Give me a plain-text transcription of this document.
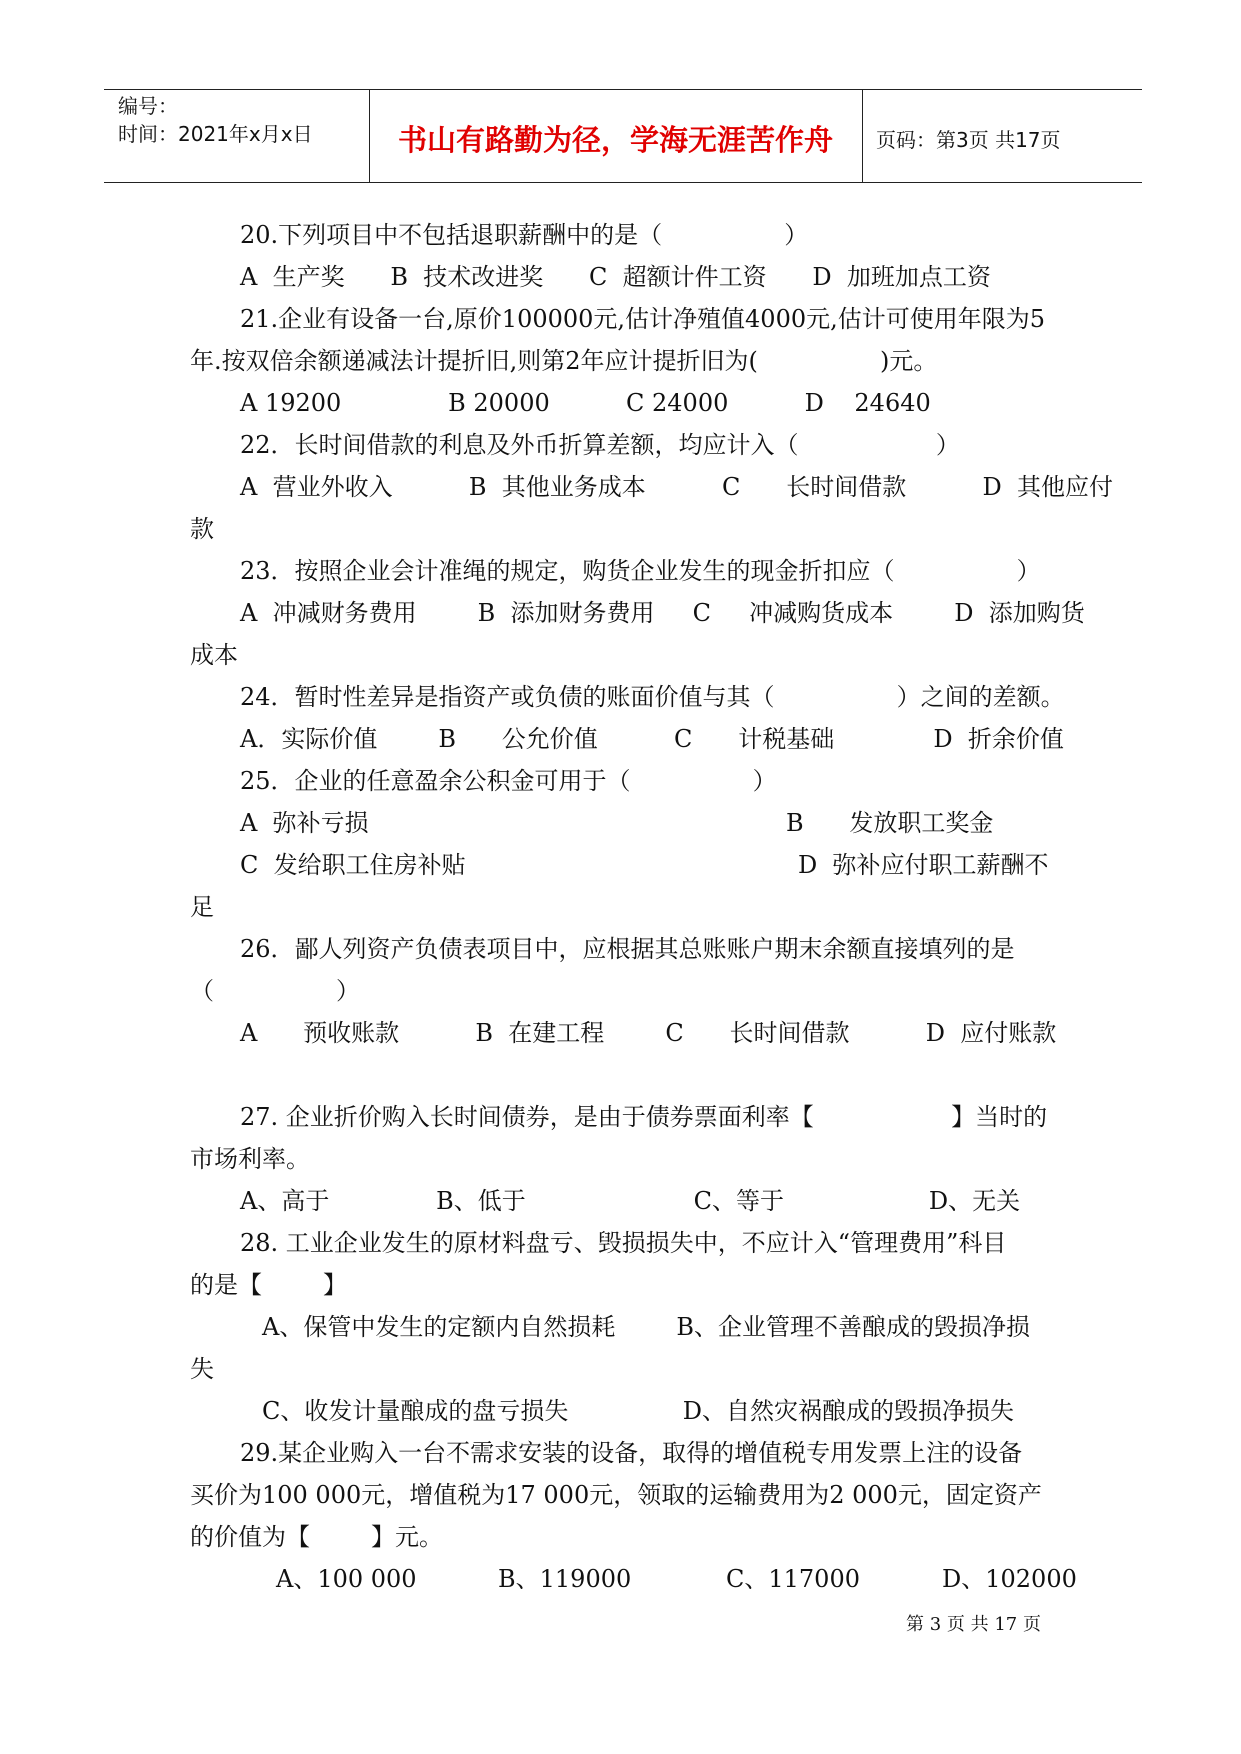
编号：
时间：2021年x月x日	书山有路勤为径，学海无涯苦作舟	页码：第3页 共17页
20.下列项目中不包括退职薪酬中的是（                ）
A  生产奖      B  技术改进奖      C  超额计件工资      D  加班加点工资
21.企业有设备一台,原价100000元,估计净殖值4000元,估计可使用年限为5
年.按双倍余额递减法计提折旧,则第2年应计提折旧为(                )元。
A 19200              B 20000          C 24000          D    24640
22．长时间借款的利息及外币折算差额，均应计入（                  ）
A  营业外收入          B  其他业务成本          C      长时间借款          D  其他应付
款
23．按照企业会计准绳的规定，购货企业发生的现金折扣应（                ）
A  冲减财务费用        B  添加财务费用     C     冲减购货成本        D  添加购货
成本
24．暂时性差异是指资产或负债的账面价值与其（                ）之间的差额。
A．实际价值        B      公允价值          C      计税基础             D  折余价值
25．企业的任意盈余公积金可用于（                ）
A  弥补亏损	B      发放职工奖金
C  发给职工住房补贴	D  弥补应付职工薪酬不
足
26．鄙人列资产负债表项目中，应根据其总账账户期末余额直接填列的是
（                ）
A      预收账款          B  在建工程        C      长时间借款          D  应付账款
27. 企业折价购入长时间债券，是由于债券票面利率【                  】当时的
市场利率。
A、高于              B、低于                      C、等于                   D、无关
28. 工业企业发生的原材料盘亏、毁损损失中，不应计入“管理费用”科目
的是【        】
A、保管中发生的定额内自然损耗        B、企业管理不善酿成的毁损净损
失
C、收发计量酿成的盘亏损失               D、自然灾祸酿成的毁损净损失
29.某企业购入一台不需求安装的设备，取得的增值税专用发票上注的设备
买价为100 000元，增值税为17 000元，领取的运输费用为2 000元，固定资产
的价值为【        】元。
A、100 000	B、119000	C、117000	D、102000
第 3 页 共 17 页
